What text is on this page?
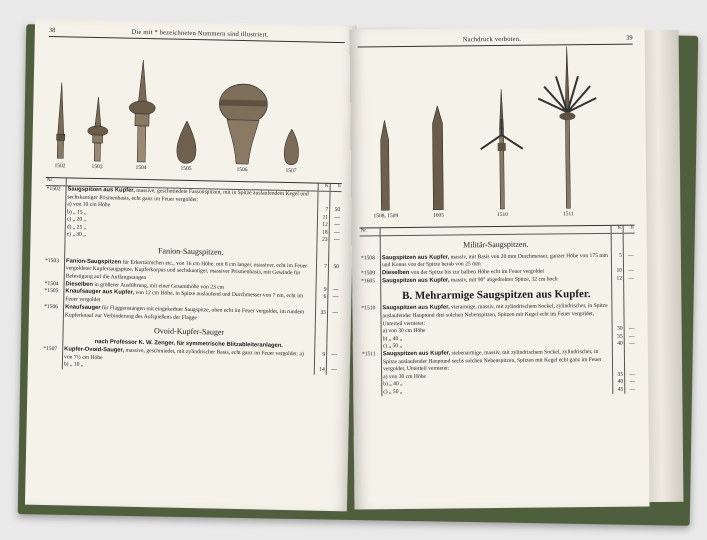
38	Die mit * bezeichneten Nummern sind illustriert.
1502	1503	1504	1505	1506	1507
Nr.		K	h
*1502	Saugspitzen aus Kupfer, massive, geschmiedete Fassonspitzen, mit in Spitze auslaufendem Kegel und sechskantiger Prismenbasis, echt ganz im Feuer vergoldet:		
	a) von 10 cm Höhe	7	50
	b) „ 15 „	11	—
	c) „ 20 „	12	—
	d) „ 25 „	18	—
	e) „ 30 „	23	—
	Fanion-Saugspitzen.		
*1503	Fanion-Saugspitzen für Erkertürmchen etc., von 16 cm Höhe, mit 8 cm langer, massiver, echt im Feuer vergoldeter Kupfersaugspitze, Kupferkorpus und sechskantiger, massiver Prismenbasis, mit Gewinde für Befestigung auf die Auffangstangen	7	50
*1504	Dieselben in größerer Ausführung, mit einer Gesamthöhe von 23 cm	9	—
*1505	Knaufsauger aus Kupfer, von 12 cm Höhe, in Spitze auslaufend und Durchmesser von 7 cm, echt im Feuer vergoldet	6	—
*1506	Knaufsauger für Flaggenstangen mit eingekerbter Saugspitze, oben echt im Feuer vergoldet, im rundem Kupferknauf zur Verhinderung des Aufspießens der Flagge	35	—
	Ovoid-Kupfer-Sauger		
	nach Professor K. W. Zenger, für symmetrische Blitzableiteranlagen.		
*1507	Kupfer-Ovoid-Sauger, massive, geschmiedet, mit zylindrischer Basis, echt ganz im Feuer vergoldet: a) von 7½ cm Höhe	9	—
	b) „ 10 „	14	—
Nachdruck verboten.	39
1508, 1509	1605	1510	1511
Nr.		K	h
	Militär-Saugspitzen.		
*1508	Saugspitzen aus Kupfer, massiv, mit Basis von 20 mm Durchmesser, ganzer Höhe von 175 mm und Konus von der Spitze herab von 25 mm	5	—
*1509	Dieselben von der Spitze bis zur halben Höhe echt im Feuer vergoldet	10	—
*1605	Saugspitzen aus Kupfer, massiv, mit 90° abgedrehter Spitze, 32 cm hoch	12	—
	B. Mehrarmige Saugspitzen aus Kupfer.		
*1510	Saugspitzen aus Kupfer, vierarmige, massiv, mit zylindrischem Sockel, zylindrischer, in Spitze auslaufender Hauptund drei solchen Nebenspitzen, Spitzen mit Kegel echt im Feuer vergoldet, Unterteil vernietet:		
	a) von 30 cm Höhe	30	—
	b) „ 40 „	35	—
	c) „ 50 „	40	—
*1511	Saugspitzen aus Kupfer, siebenarmige, massiv, mit zylindrischem Sockel, zylindrischer, in Spitze auslaufender Hauptund sechs solchen Nebenspitzen, Spitzen mit Kegel echt ganz im Feuer vergoldet, Unterteil vernietet:		
	a) von 30 cm Höhe	35	—
	b) „ 40 „	40	—
	c) „ 50 „	45	—
